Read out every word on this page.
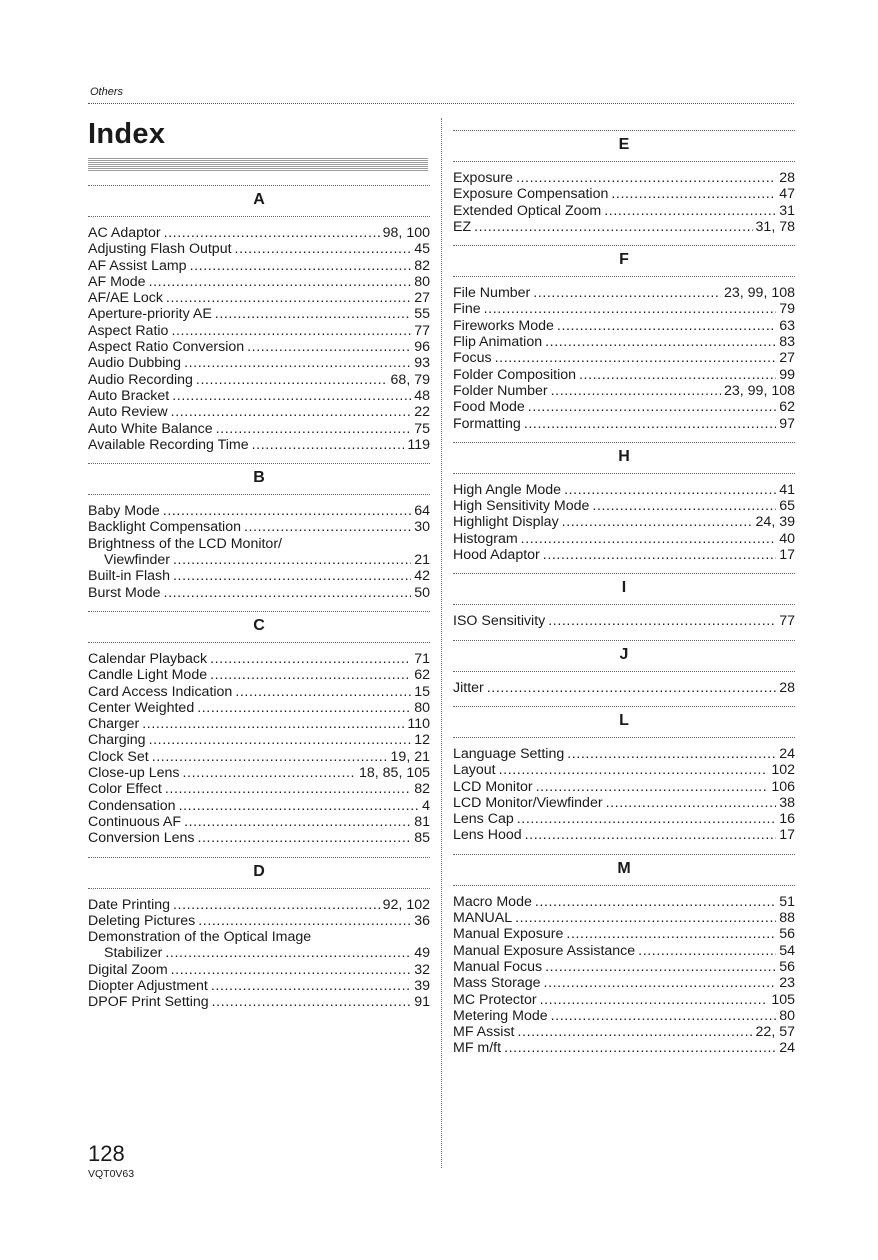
Others
Index
A
AC Adaptor .....	98, 100
Adjusting Flash Output .....	45
AF Assist Lamp .....	82
AF Mode .....	80
AF/AE Lock .....	27
Aperture-priority AE .....	55
Aspect Ratio .....	77
Aspect Ratio Conversion .....	96
Audio Dubbing .....	93
Audio Recording .....	68, 79
Auto Bracket .....	48
Auto Review .....	22
Auto White Balance .....	75
Available Recording Time .....	119
B
Baby Mode .....	64
Backlight Compensation .....	30
Brightness of the LCD Monitor/
Viewfinder .....	21
Built-in Flash .....	42
Burst Mode .....	50
C
Calendar Playback .....	71
Candle Light Mode .....	62
Card Access Indication .....	15
Center Weighted .....	80
Charger .....	110
Charging .....	12
Clock Set .....	19, 21
Close-up Lens .....	18, 85, 105
Color Effect .....	82
Condensation .....	4
Continuous AF .....	81
Conversion Lens .....	85
D
Date Printing .....	92, 102
Deleting Pictures .....	36
Demonstration of the Optical Image
Stabilizer .....	49
Digital Zoom .....	32
Diopter Adjustment .....	39
DPOF Print Setting .....	91
E
Exposure .....	28
Exposure Compensation .....	47
Extended Optical Zoom .....	31
EZ .....	31, 78
F
File Number .....	23, 99, 108
Fine .....	79
Fireworks Mode .....	63
Flip Animation .....	83
Focus .....	27
Folder Composition .....	99
Folder Number .....	23, 99, 108
Food Mode .....	62
Formatting .....	97
H
High Angle Mode .....	41
High Sensitivity Mode .....	65
Highlight Display .....	24, 39
Histogram .....	40
Hood Adaptor .....	17
I
ISO Sensitivity .....	77
J
Jitter .....	28
L
Language Setting .....	24
Layout .....	102
LCD Monitor .....	106
LCD Monitor/Viewfinder .....	38
Lens Cap .....	16
Lens Hood .....	17
M
Macro Mode .....	51
MANUAL .....	88
Manual Exposure .....	56
Manual Exposure Assistance .....	54
Manual Focus .....	56
Mass Storage .....	23
MC Protector .....	105
Metering Mode .....	80
MF Assist .....	22, 57
MF m/ft .....	24
128
VQT0V63
